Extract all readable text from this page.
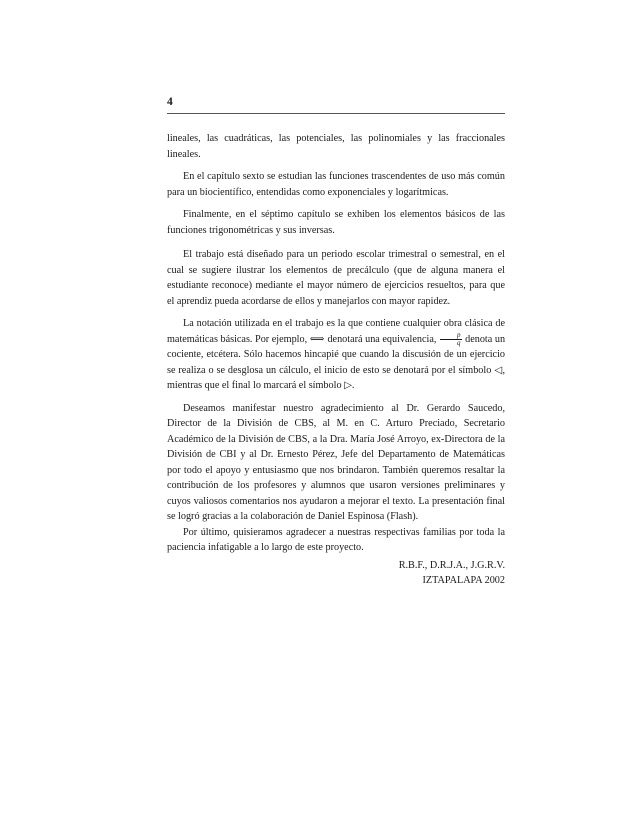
4

lineales, las cuadráticas, las potenciales, las polinomiales y las fraccionales lineales.

En el capítulo sexto se estudian las funciones trascendentes de uso más común para un biocientífico, entendidas como exponenciales y logarítmicas.

Finalmente, en el séptimo capítulo se exhiben los elementos básicos de las funciones trigonométricas y sus inversas.

El trabajo está diseñado para un periodo escolar trimestral o semestral, en el cual se sugiere ilustrar los elementos de precálculo (que de alguna manera el estudiante reconoce) mediante el mayor número de ejercicios resueltos, para que el aprendiz pueda acordarse de ellos y manejarlos con mayor rapidez.

La notación utilizada en el trabajo es la que contiene cualquier obra clásica de matemáticas básicas. Por ejemplo, ⟺ denotará una equivalencia, $\frac{p}{q}$ denota un cociente, etcétera. Sólo hacemos hincapié que cuando la discusión de un ejercicio se realiza o se desglosa un cálculo, el inicio de esto se denotará por el símbolo ◁, mientras que el final lo marcará el símbolo ▷.

Deseamos manifestar nuestro agradecimiento al Dr. Gerardo Saucedo, Director de la División de CBS, al M. en C. Arturo Preciado, Secretario Académico de la División de CBS, a la Dra. María José Arroyo, ex-Directora de la División de CBI y al Dr. Ernesto Pérez, Jefe del Departamento de Matemáticas por todo el apoyo y entusiasmo que nos brindaron. También queremos resaltar la contribución de los profesores y alumnos que usaron versiones preliminares y cuyos valiosos comentarios nos ayudaron a mejorar el texto. La presentación final se logró gracias a la colaboración de Daniel Espinosa (Flash).

Por último, quisieramos agradecer a nuestras respectivas familias por toda la paciencia infatigable a lo largo de este proyecto.

R.B.F., D.R.J.A., J.G.R.V.
IZTAPALAPA 2002
